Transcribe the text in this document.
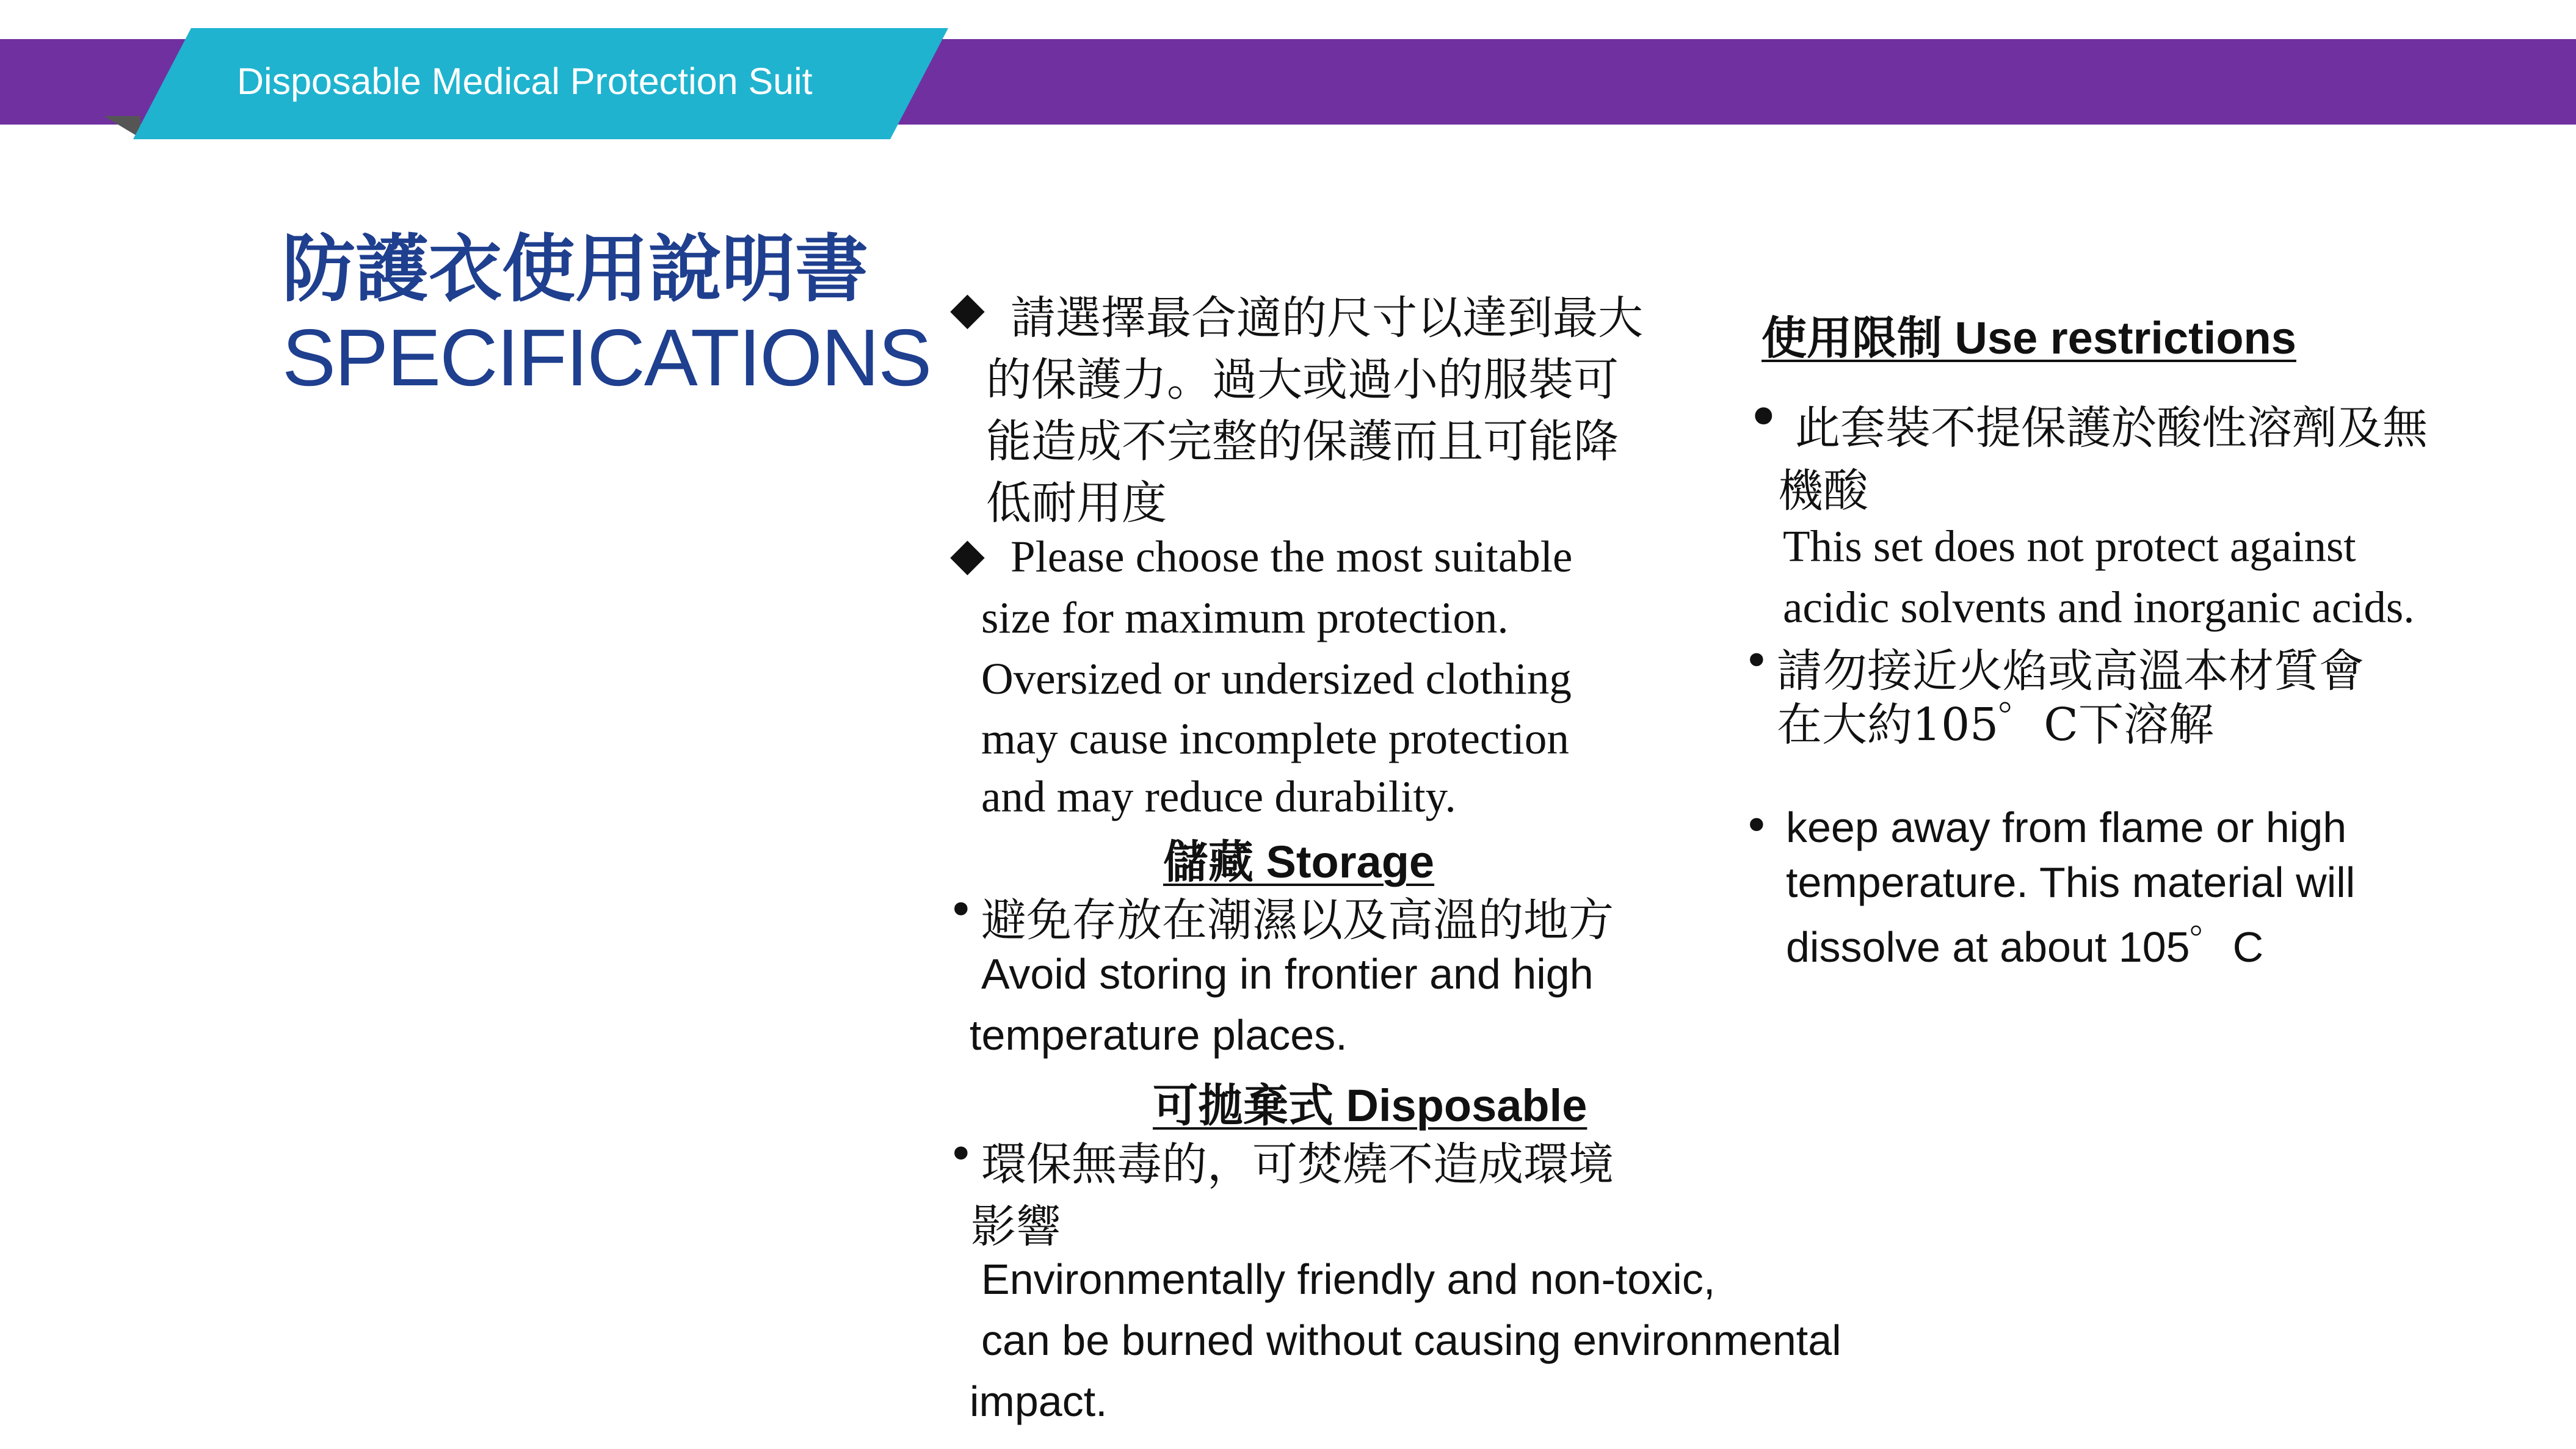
Disposable Medical Protection Suit
防護衣使用說明書
SPECIFICATIONS
◆ 請選擇最合適的尺寸以達到最大
的保護力。過大或過小的服裝可
能造成不完整的保護而且可能降
低耐用度
◆ Please choose the most suitable
size for maximum protection.
Oversized or undersized clothing
may cause incomplete protection
and may reduce durability.
儲藏 Storage
• 避免存放在潮濕以及高溫的地方
Avoid storing in frontier and high
temperature places.
可拋棄式 Disposable
• 環保無毒的，可焚燒不造成環境
影響
Environmentally friendly and non-toxic,
can be burned without causing environmental
impact.
使用限制 Use restrictions
• 此套裝不提保護於酸性溶劑及無
機酸
This set does not protect against
acidic solvents and inorganic acids.
• 請勿接近火焰或高溫本材質會
在大約105゜C下溶解
• keep away from flame or high
temperature. This material will
dissolve at about 105゜C
